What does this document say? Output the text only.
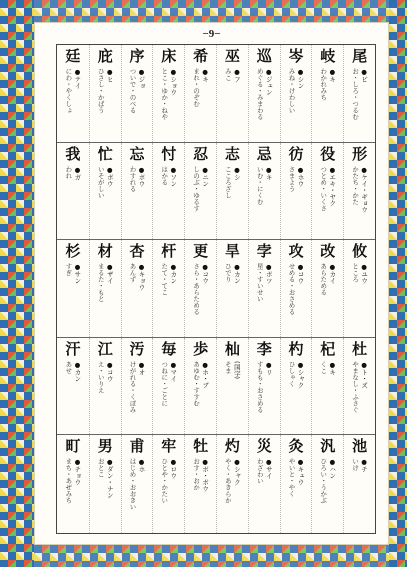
−9−
尾
●ビ
お・しろ・つるむ
岐
●キ
わかれみち
岑
●シン
みね・けわしい
巡
●ジュン
めぐる・みまわる
巫
●フ
みこ
希
●キ
まれ・のぞむ
床
●ショウ
とこ・ゆか・ねや
序
●ジョ
ついで・のべる
庇
●ヒ
ひさし・かばう
廷
●テイ
にわ・やくしょ
形
●ケイ・ギョウ
かたち・かた
役
●エキ・ヤク
つとめ・いくさ
彷
●ホウ
さまよう
忌
●キ
いむ・にくむ
志
●シ
こころざし
忍
●ニン
しのぶ・ゆるす
忖
●ソン
はかる
忘
●ボウ
わすれる
忙
●ボウ
いそがしい
我
●ガ
われ
攸
●ユウ
ところ
改
●カイ
あらためる
攻
●コウ
せめる・おさめる
孛
●ボツ
星・すいせい
旱
●カン
ひでり
更
●コウ
さら・あらためる
杆
●カン
たて・てこ
杏
●キョウ
あんず
材
●ザイ
まるた・もと
杉
●サン
すぎ
杜
●ト・ズ
やまなし・ふさぐ
杞
●キ
くこ
杓
●シャク
ひしゃく
李
●リ
すもも・おさめる
杣
(国字)
そま
歩
●ホ・ブ
あゆむ・すすむ
毎
●マイ
つねに・ごとに
汚
●オ
けがれる・くぼみ
江
●コウ
え・いりえ
汗
●カン
あせ
池
●チ
いけ
汎
●ハン
ひろい・うかぶ
灸
●キュウ
やいと・やく
災
●サイ
わざわい
灼
●シャク
やく・あきらか
牡
●ボ・ボウ
おす・おか
牢
●ロウ
ひとや・かたい
甫
●ホ
はじめ・おおきい
男
●ダン・ナン
おとこ
町
●チョウ
まち・あぜみち
